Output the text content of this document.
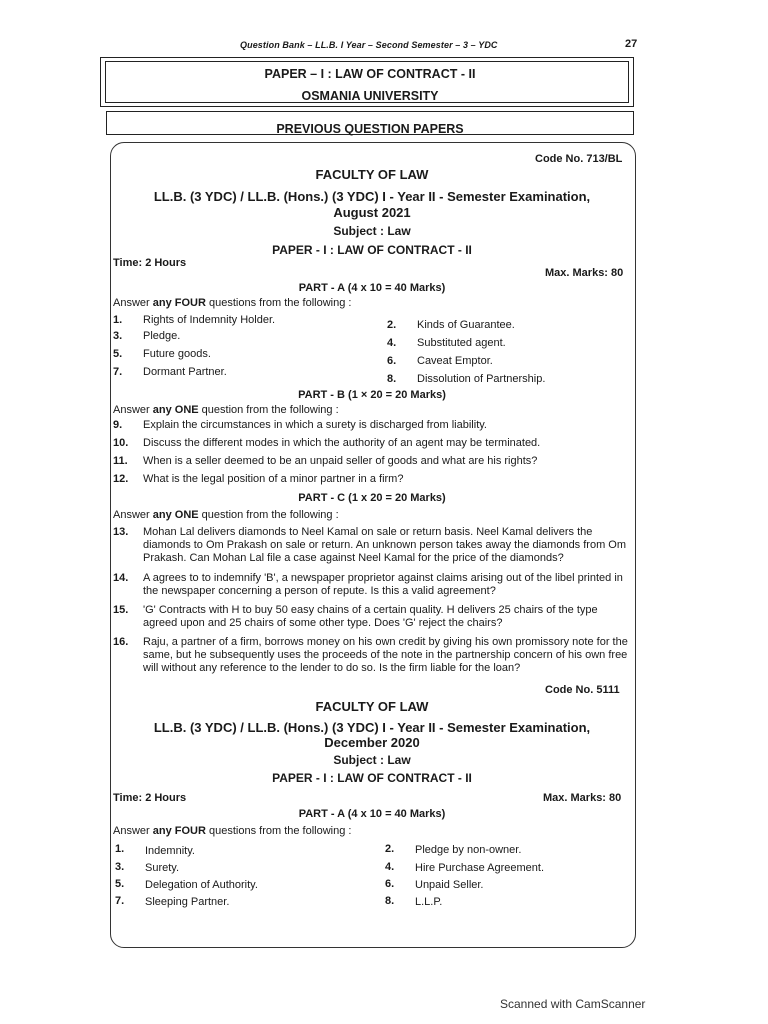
Question Bank – LL.B. I Year – Second Semester – 3 – YDC	27
PAPER – I : LAW OF CONTRACT - II
OSMANIA UNIVERSITY
PREVIOUS QUESTION PAPERS
Code No. 713/BL
FACULTY OF LAW
LL.B. (3 YDC) / LL.B. (Hons.) (3 YDC) I - Year II - Semester Examination,
August 2021
Subject : Law
PAPER - I : LAW OF CONTRACT - II
Time: 2 Hours
Max. Marks: 80
PART - A (4 x 10 = 40 Marks)
Answer any FOUR questions from the following :
1. Rights of Indemnity Holder.
3. Pledge.
5. Future goods.
7. Dormant Partner.
2. Kinds of Guarantee.
4. Substituted agent.
6. Caveat Emptor.
8. Dissolution of Partnership.
PART - B (1 × 20 = 20 Marks)
Answer any ONE question from the following :
9. Explain the circumstances in which a surety is discharged from liability.
10. Discuss the different modes in which the authority of an agent may be terminated.
11. When is a seller deemed to be an unpaid seller of goods and what are his rights?
12. What is the legal position of a minor partner in a firm?
PART - C (1 x 20 = 20 Marks)
Answer any ONE question from the following :
13. Mohan Lal delivers diamonds to Neel Kamal on sale or return basis. Neel Kamal delivers the diamonds to Om Prakash on sale or return. An unknown person takes away the diamonds from Om Prakash. Can Mohan Lal file a case against Neel Kamal for the price of the diamonds?
14. A agrees to to indemnify 'B', a newspaper proprietor against claims arising out of the libel printed in the newspaper concerning a person of repute. Is this a valid agreement?
15. 'G' Contracts with H to buy 50 easy chains of a certain quality. H delivers 25 chairs of the type agreed upon and 25 chairs of some other type. Does 'G' reject the chairs?
16. Raju, a partner of a firm, borrows money on his own credit by giving his own promissory note for the same, but he subsequently uses the proceeds of the note in the partnership concern of his own free will without any reference to the lender to do so. Is the firm liable for the loan?
Code No. 5111
FACULTY OF LAW
LL.B. (3 YDC) / LL.B. (Hons.) (3 YDC) I - Year II - Semester Examination,
December 2020
Subject : Law
PAPER - I : LAW OF CONTRACT - II
Time: 2 Hours	Max. Marks: 80
PART - A (4 x 10 = 40 Marks)
Answer any FOUR questions from the following :
1. Indemnity.
3. Surety.
5. Delegation of Authority.
7. Sleeping Partner.
2. Pledge by non-owner.
4. Hire Purchase Agreement.
6. Unpaid Seller.
8. L.L.P.
Scanned with CamScanner
